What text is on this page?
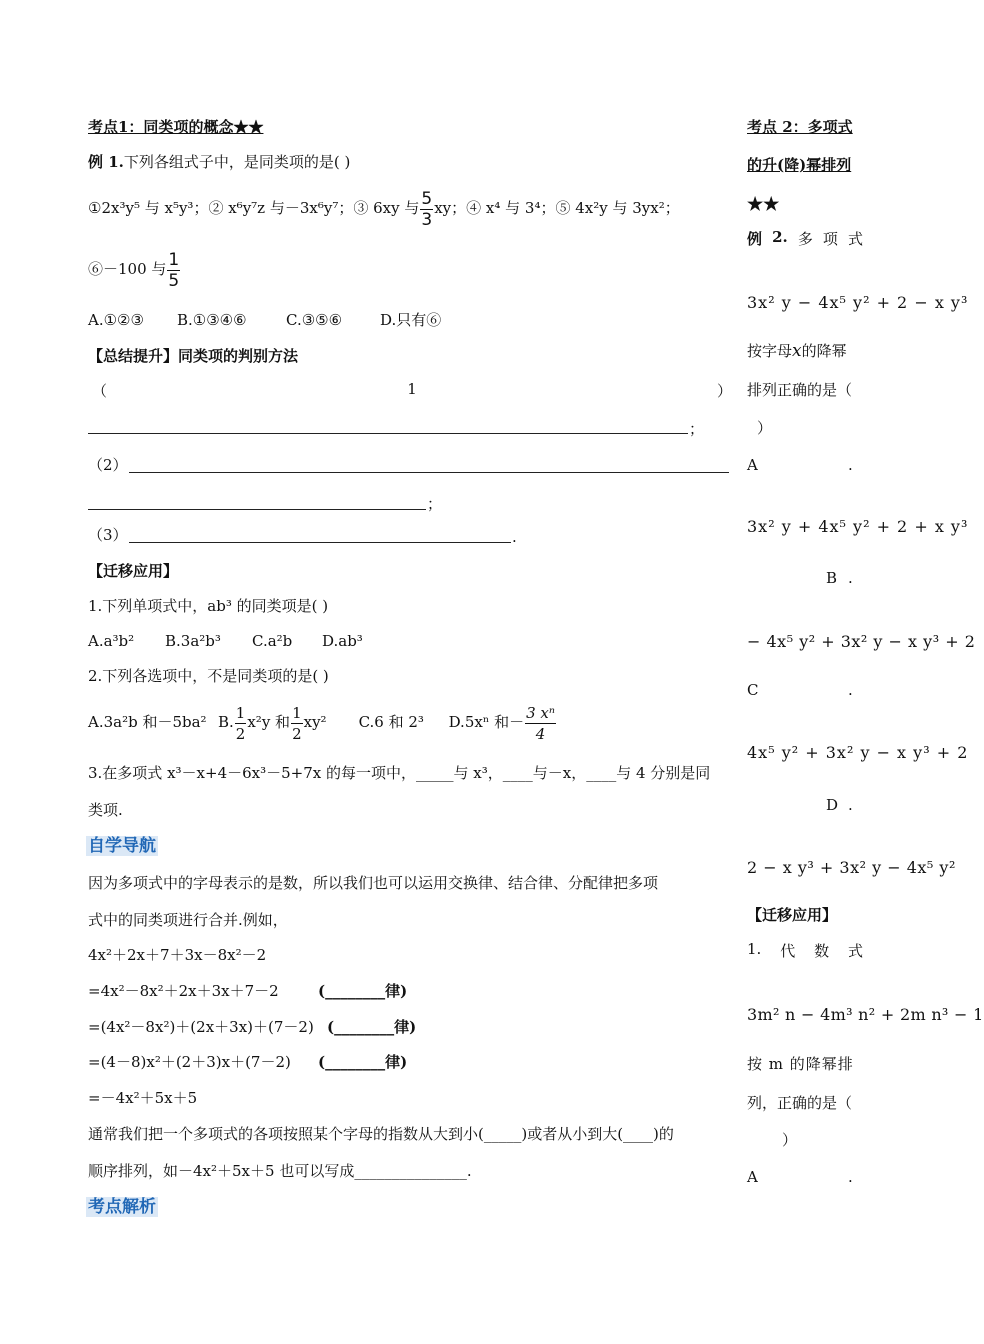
考点1：同类项的概念★★
例 1.下列各组式子中，是同类项的是( )
①2x³y⁵ 与 x⁵y³；② x⁶y⁷z 与－3x⁶y⁷；③ 6xy 与 $\frac{5}{3}$ xy；④ x⁴ 与 3⁴；⑤ 4x²y 与 3yx²；
⑥－100 与 $\frac{1}{5}$
A.①②③ B.①③④⑥	C.③⑤⑥	D.只有⑥
【总结提升】同类项的判别方法
（	1	）
；
（2）
；
（3）	.
【迁移应用】
1.下列单项式中，ab³ 的同类项是( )
A.a³b² B.3a²b³ C.a²b D.ab³
2.下列各选项中，不是同类项的是( )
A.3a²b 和－5ba² B. $\frac{1}{2} x^2y$ 和 $\frac{1}{2} xy^2$ C.6 和 2³ D.5xⁿ 和－ $\frac{\text{3 xⁿ}}{4}$
3.在多项式 x³－x+4－6x³－5+7x 的每一项中，_____与 x³，____与－x，____与 4 分别是同
类项.
自学导航
因为多项式中的字母表示的是数，所以我们也可以运用交换律、结合律、分配律把多项
式中的同类项进行合并.例如，
4x²＋2x＋7＋3x－8x²－2
=4x²－8x²＋2x＋3x＋7－2	(________律)
=(4x²－8x²)＋(2x＋3x)＋(7－2) (________律)
=(4－8)x²＋(2＋3)x＋(7－2) (________律)
=－4x²＋5x＋5
通常我们把一个多项式的各项按照某个字母的指数从大到小(_____)或者从小到大(____)的
顺序排列，如－4x²＋5x＋5 也可以写成_______________.
考点解析
考点 2：多项式
的升(降)幂排列
★★
例 2. 多 项 式
3x² y − 4x⁵ y² + 2 − x y³
按字母x的降幂
排列正确的是（
）
A	.
3x² y + 4x⁵ y² + 2 + x y³
B .
− 4x⁵ y² + 3x² y − x y³ + 2
C	.
4x⁵ y² + 3x² y − x y³ + 2
D .
2 − x y³ + 3x² y − 4x⁵ y²
【迁移应用】
1. 代 数 式
3m² n − 4m³ n² + 2m n³ − 1
按 m 的降幂排
列，正确的是（
）
A	.
